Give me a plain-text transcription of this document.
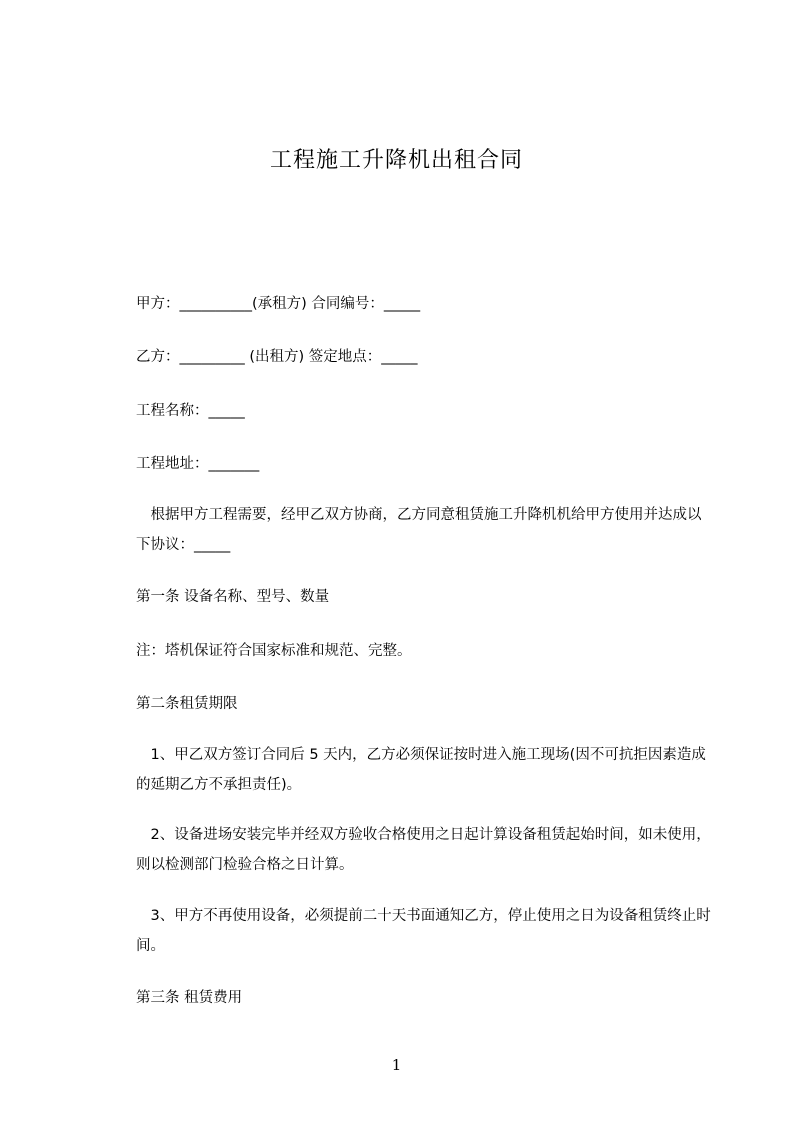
工程施工升降机出租合同
甲方：__________(承租方) 合同编号：_____
乙方：_________ (出租方) 签定地点：_____
工程名称：_____
工程地址：_______
　根据甲方工程需要，经甲乙双方协商，乙方同意租赁施工升降机机给甲方使用并达成以下协议：_____
第一条 设备名称、型号、数量
注：塔机保证符合国家标准和规范、完整。
第二条租赁期限
　1、甲乙双方签订合同后 5 天内，乙方必须保证按时进入施工现场(因不可抗拒因素造成的延期乙方不承担责任)。
　2、设备进场安装完毕并经双方验收合格使用之日起计算设备租赁起始时间，如未使用，则以检测部门检验合格之日计算。
　3、甲方不再使用设备，必须提前二十天书面通知乙方，停止使用之日为设备租赁终止时间。
第三条 租赁费用
1
